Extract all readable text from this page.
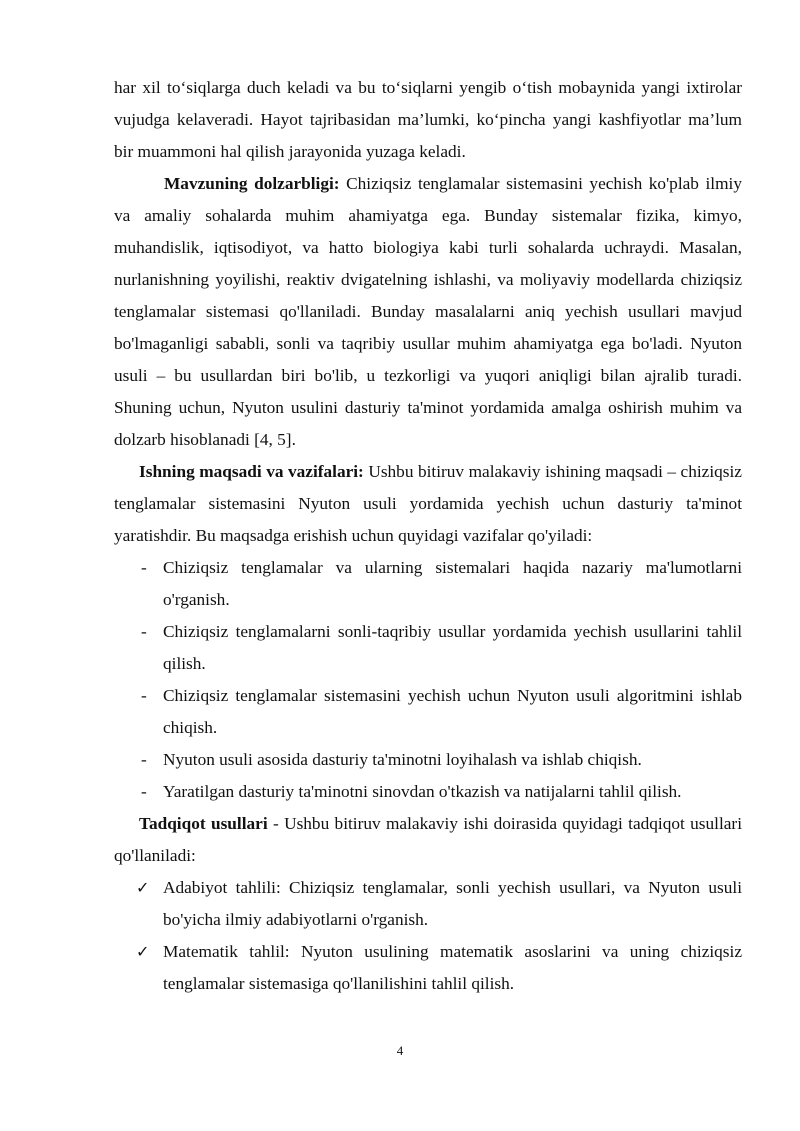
har xil to‘siqlarga duch keladi va bu to‘siqlarni yengib o‘tish mobaynida yangi ixtirolar vujudga kelaveradi. Hayot tajribasidan ma’lumki, ko‘pincha yangi kashfiyotlar ma’lum bir muammoni hal qilish jarayonida yuzaga keladi.

Mavzuning dolzarbligi: Chiziqsiz tenglamalar sistemasini yechish ko'plab ilmiy va amaliy sohalarda muhim ahamiyatga ega. Bunday sistemalar fizika, kimyo, muhandislik, iqtisodiyot, va hatto biologiya kabi turli sohalarda uchraydi. Masalan, nurlanishning yoyilishi, reaktiv dvigatelning ishlashi, va moliyaviy modellarda chiziqsiz tenglamalar sistemasi qo'llaniladi. Bunday masalalarni aniq yechish usullari mavjud bo'lmaganligi sababli, sonli va taqribiy usullar muhim ahamiyatga ega bo'ladi. Nyuton usuli – bu usullardan biri bo'lib, u tezkorligi va yuqori aniqligi bilan ajralib turadi. Shuning uchun, Nyuton usulini dasturiy ta'minot yordamida amalga oshirish muhim va dolzarb hisoblanadi [4, 5].

Ishning maqsadi va vazifalari: Ushbu bitiruv malakaviy ishining maqsadi – chiziqsiz tenglamalar sistemasini Nyuton usuli yordamida yechish uchun dasturiy ta'minot yaratishdir. Bu maqsadga erishish uchun quyidagi vazifalar qo'yiladi:

- Chiziqsiz tenglamalar va ularning sistemalari haqida nazariy ma'lumotlarni o'rganish.
- Chiziqsiz tenglamalarni sonli-taqribiy usullar yordamida yechish usullarini tahlil qilish.
- Chiziqsiz tenglamalar sistemasini yechish uchun Nyuton usuli algoritmini ishlab chiqish.
- Nyuton usuli asosida dasturiy ta'minotni loyihalash va ishlab chiqish.
- Yaratilgan dasturiy ta'minotni sinovdan o'tkazish va natijalarni tahlil qilish.

Tadqiqot usullari - Ushbu bitiruv malakaviy ishi doirasida quyidagi tadqiqot usullari qo'llaniladi:

✓ Adabiyot tahlili: Chiziqsiz tenglamalar, sonli yechish usullari, va Nyuton usuli bo'yicha ilmiy adabiyotlarni o'rganish.
✓ Matematik tahlil: Nyuton usulining matematik asoslarini va uning chiziqsiz tenglamalar sistemasiga qo'llanilishini tahlil qilish.
4
